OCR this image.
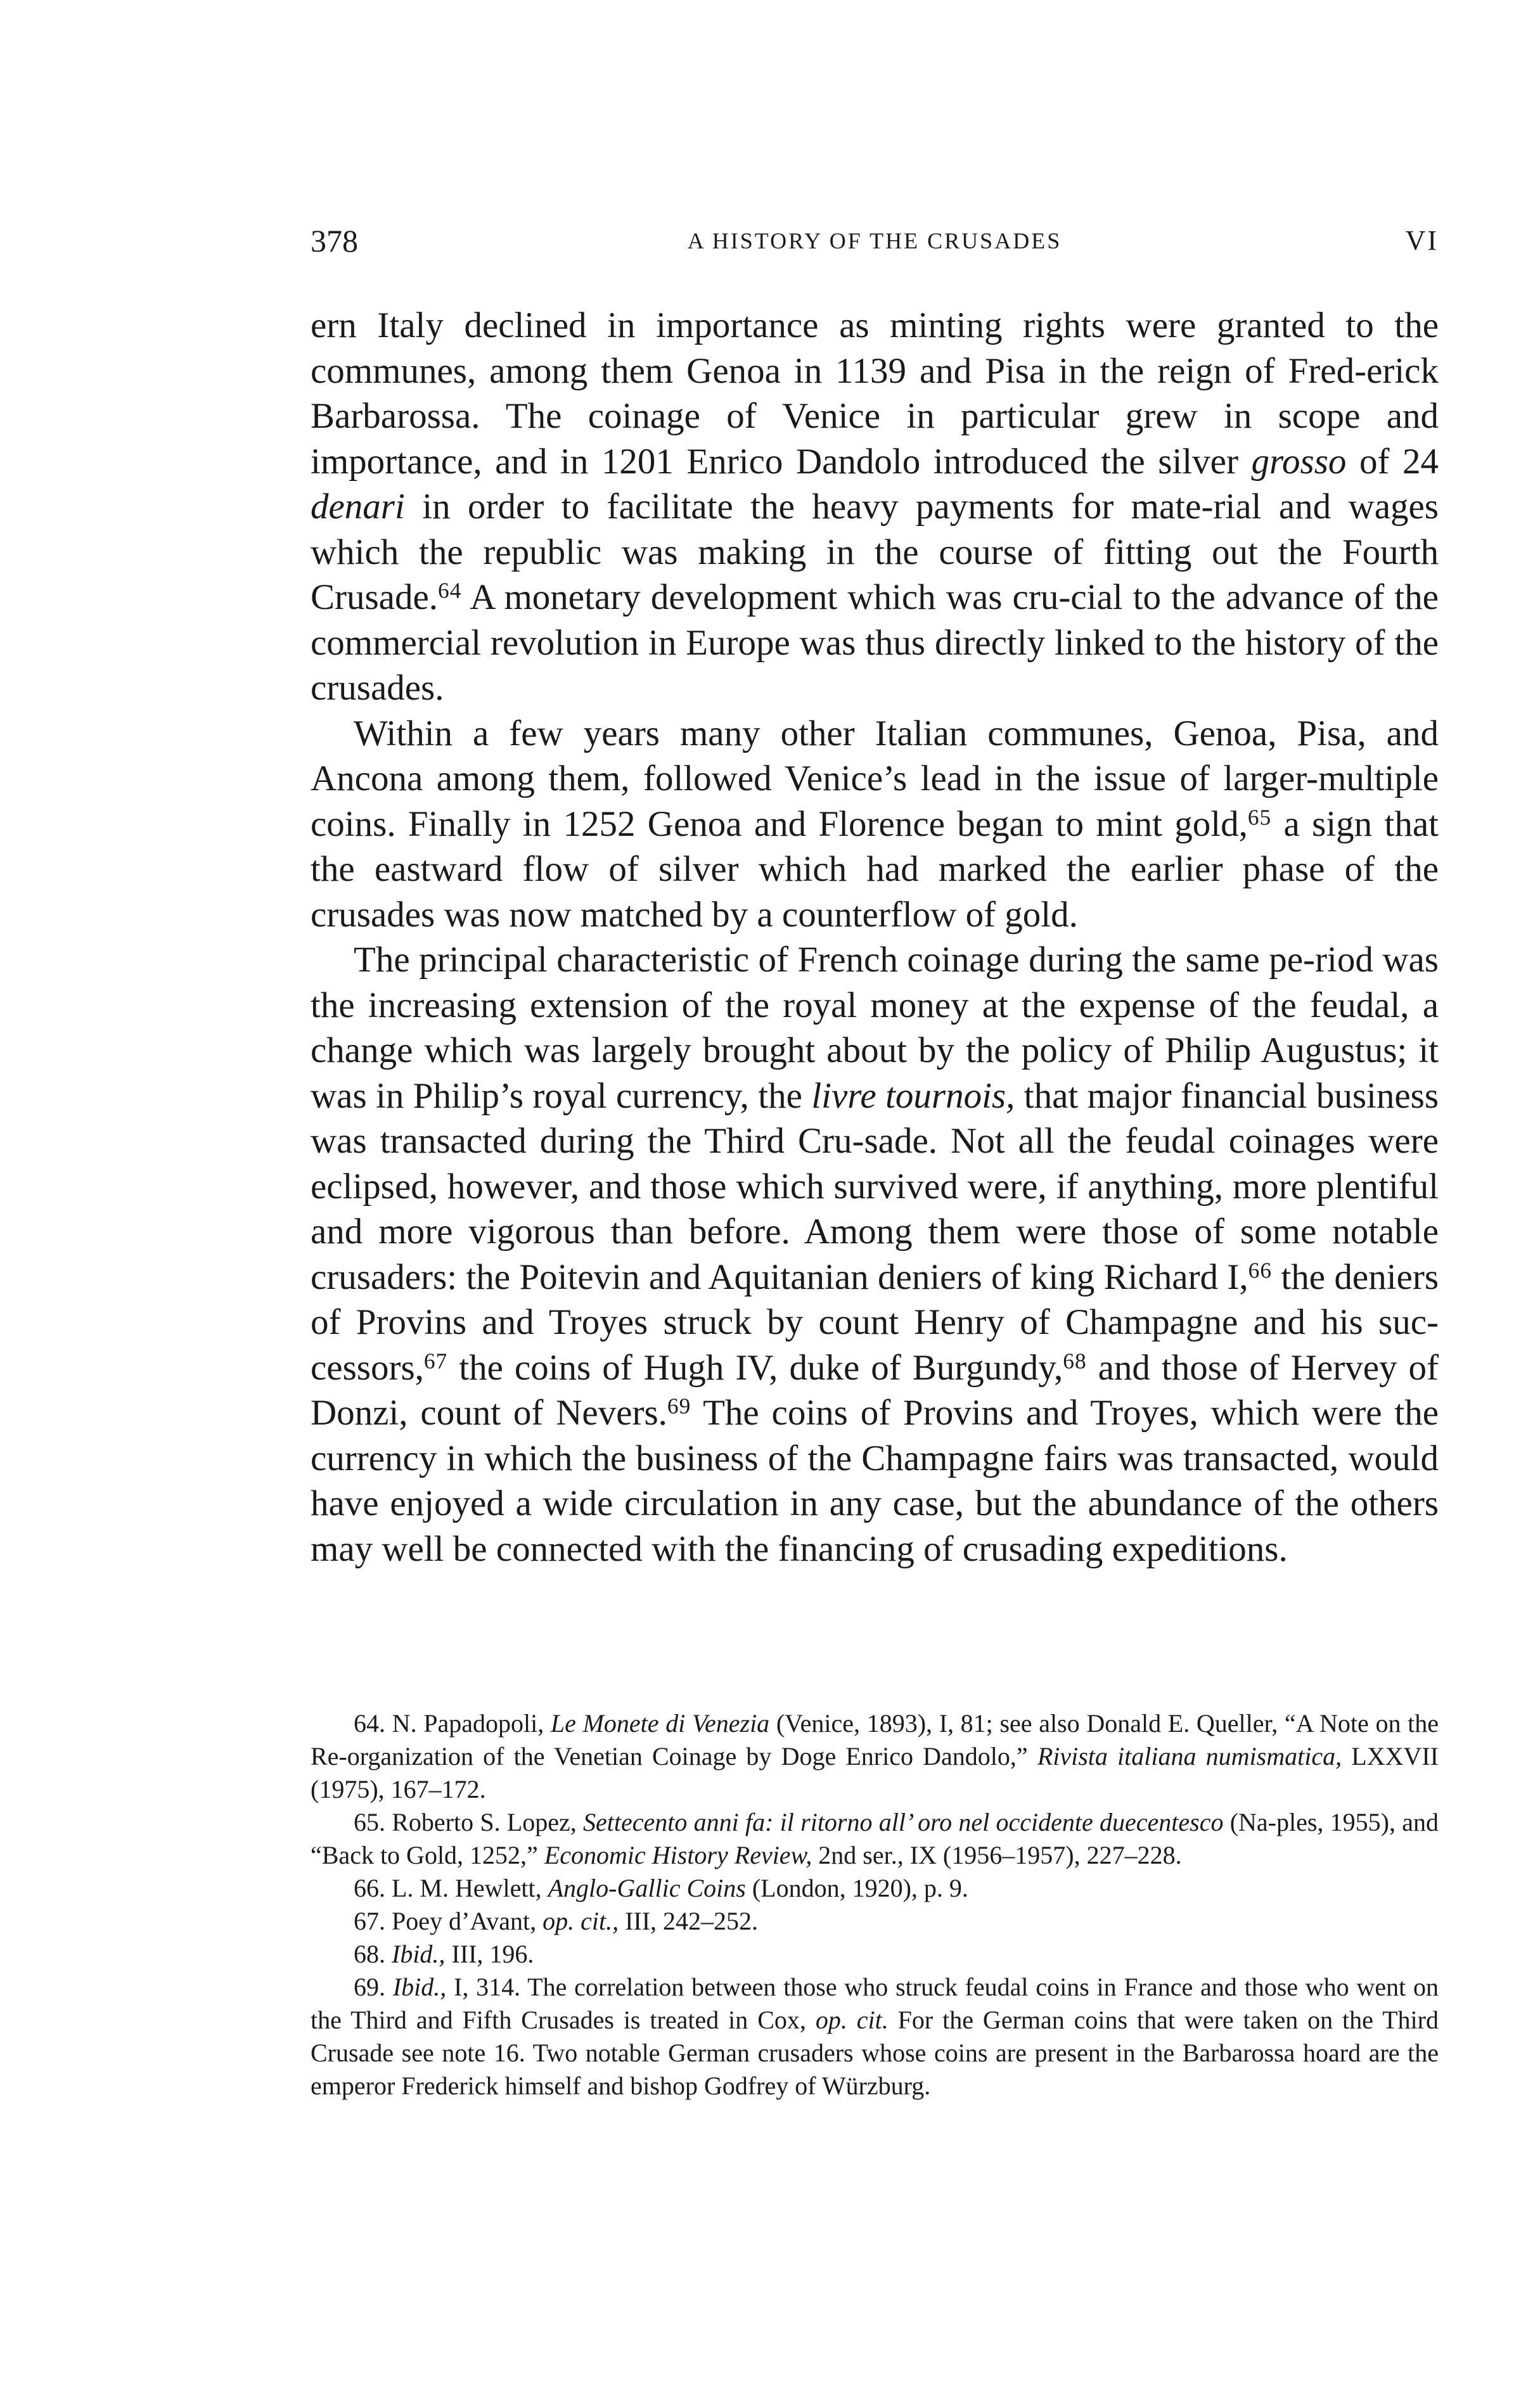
378	A HISTORY OF THE CRUSADES	VI

ern Italy declined in importance as minting rights were granted to the communes, among them Genoa in 1139 and Pisa in the reign of Fred-erick Barbarossa. The coinage of Venice in particular grew in scope and importance, and in 1201 Enrico Dandolo introduced the silver grosso of 24 denari in order to facilitate the heavy payments for mate-rial and wages which the republic was making in the course of fitting out the Fourth Crusade.$^{64}$ A monetary development which was cru-cial to the advance of the commercial revolution in Europe was thus directly linked to the history of the crusades.

Within a few years many other Italian communes, Genoa, Pisa, and Ancona among them, followed Venice’s lead in the issue of larger-multiple coins. Finally in 1252 Genoa and Florence began to mint gold,$^{65}$ a sign that the eastward flow of silver which had marked the earlier phase of the crusades was now matched by a counterflow of gold.

The principal characteristic of French coinage during the same pe-riod was the increasing extension of the royal money at the expense of the feudal, a change which was largely brought about by the policy of Philip Augustus; it was in Philip’s royal currency, the livre tournois, that major financial business was transacted during the Third Cru-sade. Not all the feudal coinages were eclipsed, however, and those which survived were, if anything, more plentiful and more vigorous than before. Among them were those of some notable crusaders: the Poitevin and Aquitanian deniers of king Richard I,$^{66}$ the deniers of Provins and Troyes struck by count Henry of Champagne and his suc-cessors,$^{67}$ the coins of Hugh IV, duke of Burgundy,$^{68}$ and those of Hervey of Donzi, count of Nevers.$^{69}$ The coins of Provins and Troyes, which were the currency in which the business of the Champagne fairs was transacted, would have enjoyed a wide circulation in any case, but the abundance of the others may well be connected with the financing of crusading expeditions.

64. N. Papadopoli, Le Monete di Venezia (Venice, 1893), I, 81; see also Donald E. Queller, “A Note on the Re-organization of the Venetian Coinage by Doge Enrico Dandolo,” Rivista italiana numismatica, LXXVII (1975), 167–172.

65. Roberto S. Lopez, Settecento anni fa: il ritorno all’ oro nel occidente duecentesco (Na-ples, 1955), and “Back to Gold, 1252,” Economic History Review, 2nd ser., IX (1956–1957), 227–228.

66. L. M. Hewlett, Anglo-Gallic Coins (London, 1920), p. 9.

67. Poey d’Avant, op. cit., III, 242–252.

68. Ibid., III, 196.

69. Ibid., I, 314. The correlation between those who struck feudal coins in France and those who went on the Third and Fifth Crusades is treated in Cox, op. cit. For the German coins that were taken on the Third Crusade see note 16. Two notable German crusaders whose coins are present in the Barbarossa hoard are the emperor Frederick himself and bishop Godfrey of Würzburg.
